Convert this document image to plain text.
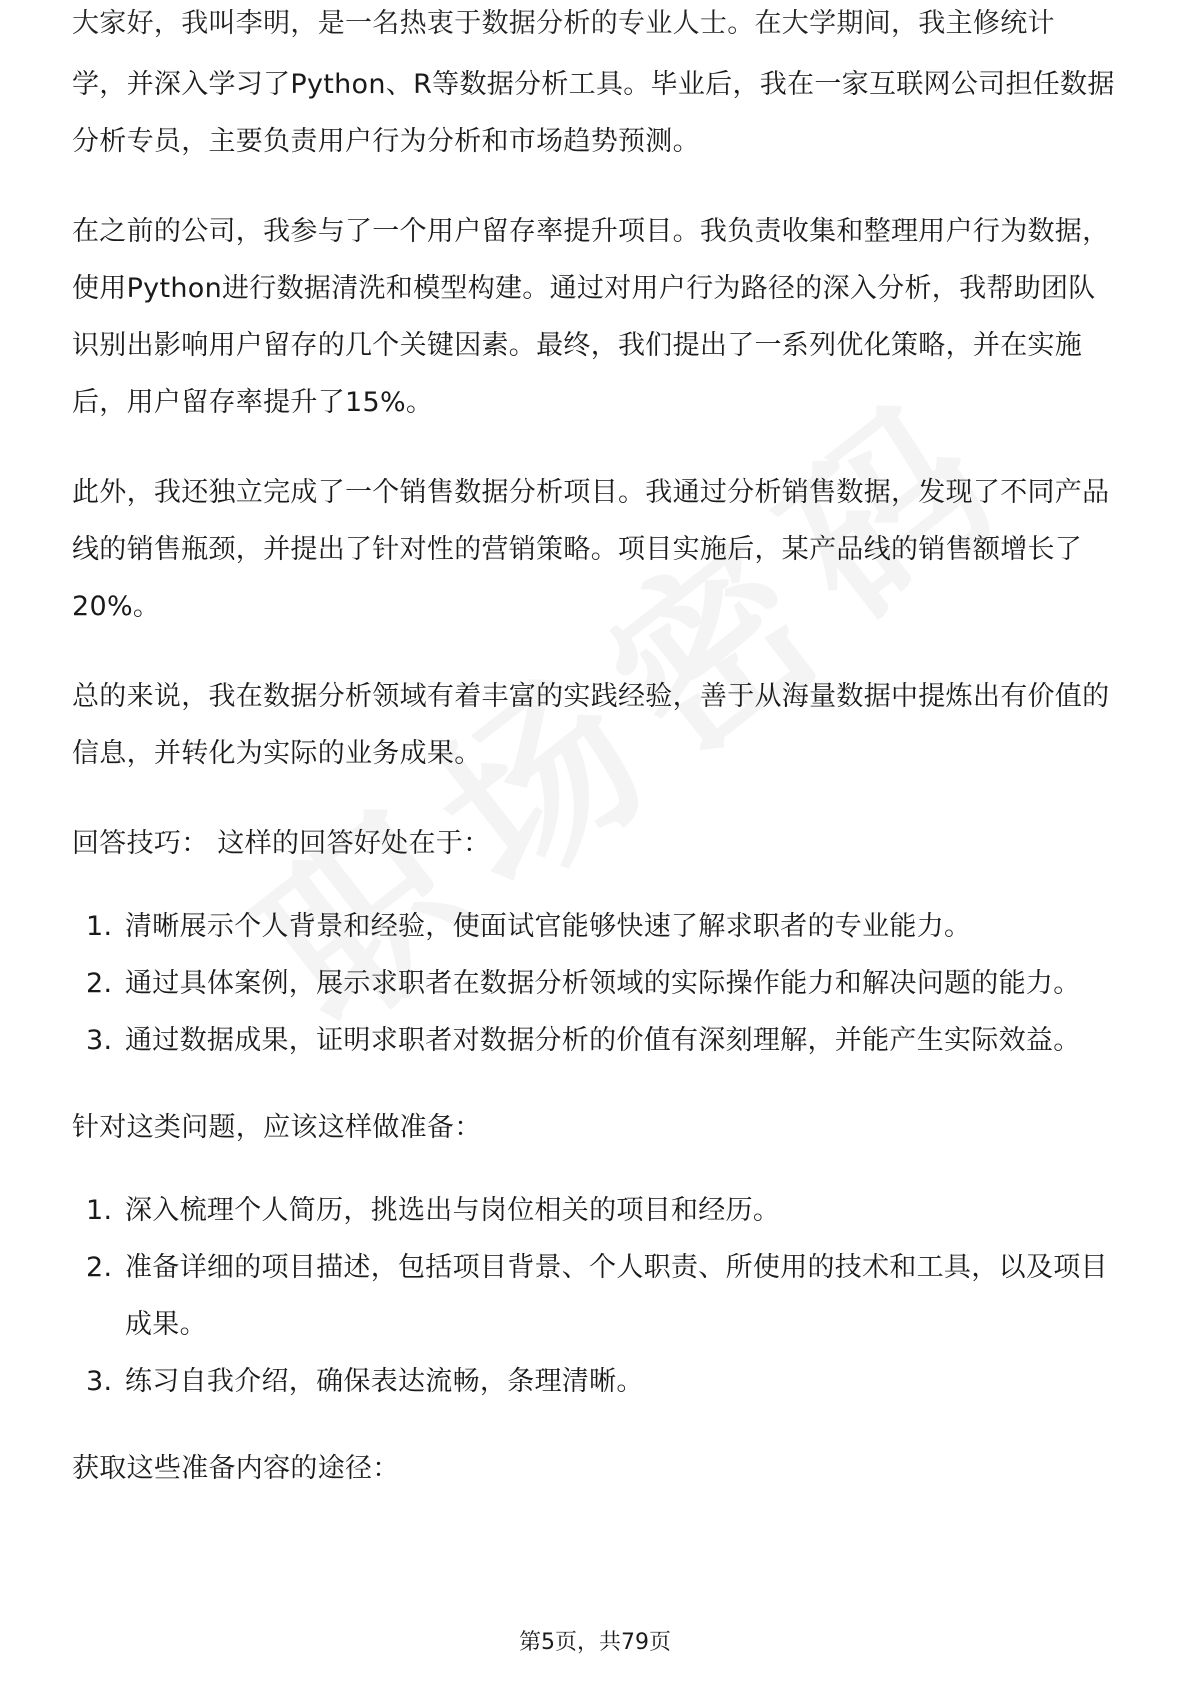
大家好，我叫李明，是一名热衷于数据分析的专业人士。在大学期间，我主修统计

学，并深入学习了Python、R等数据分析工具。毕业后，我在一家互联网公司担任数据分析专员，主要负责用户行为分析和市场趋势预测。

在之前的公司，我参与了一个用户留存率提升项目。我负责收集和整理用户行为数据，使用Python进行数据清洗和模型构建。通过对用户行为路径的深入分析，我帮助团队识别出影响用户留存的几个关键因素。最终，我们提出了一系列优化策略，并在实施后，用户留存率提升了15%。

此外，我还独立完成了一个销售数据分析项目。我通过分析销售数据，发现了不同产品线的销售瓶颈，并提出了针对性的营销策略。项目实施后，某产品线的销售额增长了20%。

总的来说，我在数据分析领域有着丰富的实践经验，善于从海量数据中提炼出有价值的信息，并转化为实际的业务成果。

回答技巧： 这样的回答好处在于：

1. 清晰展示个人背景和经验，使面试官能够快速了解求职者的专业能力。
2. 通过具体案例，展示求职者在数据分析领域的实际操作能力和解决问题的能力。
3. 通过数据成果，证明求职者对数据分析的价值有深刻理解，并能产生实际效益。

针对这类问题，应该这样做准备：

1. 深入梳理个人简历，挑选出与岗位相关的项目和经历。
2. 准备详细的项目描述，包括项目背景、个人职责、所使用的技术和工具，以及项目成果。
3. 练习自我介绍，确保表达流畅，条理清晰。

获取这些准备内容的途径：

第5页，共79页
